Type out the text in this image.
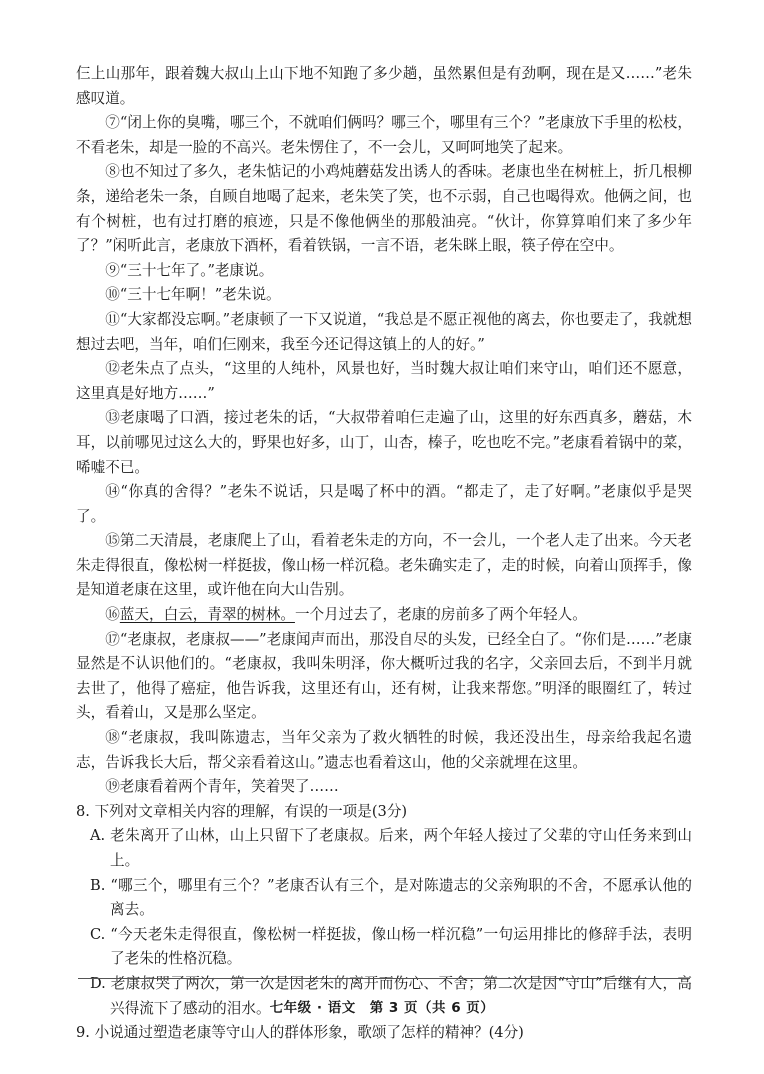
仨上山那年，跟着魏大叔山上山下地不知跑了多少趟，虽然累但是有劲啊，现在是又……”老朱感叹道。

⑦“闭上你的臭嘴，哪三个，不就咱们俩吗？哪三个，哪里有三个？”老康放下手里的松枝，不看老朱，却是一脸的不高兴。老朱愣住了，不一会儿，又呵呵地笑了起来。

⑧也不知过了多久，老朱惦记的小鸡炖蘑菇发出诱人的香味。老康也坐在树桩上，折几根柳条，递给老朱一条，自顾自地喝了起来，老朱笑了笑，也不示弱，自己也喝得欢。他俩之间，也有个树桩，也有过打磨的痕迹，只是不像他俩坐的那般油亮。“伙计，你算算咱们来了多少年了？”闲听此言，老康放下酒杯，看着铁锅，一言不语，老朱眯上眼，筷子停在空中。

⑨“三十七年了。”老康说。

⑩“三十七年啊！”老朱说。

⑪“大家都没忘啊。”老康顿了一下又说道，“我总是不愿正视他的离去，你也要走了，我就想想过去吧，当年，咱们仨刚来，我至今还记得这镇上的人的好。”

⑫老朱点了点头，“这里的人纯朴，风景也好，当时魏大叔让咱们来守山，咱们还不愿意，这里真是好地方……”

⑬老康喝了口酒，接过老朱的话，“大叔带着咱仨走遍了山，这里的好东西真多，蘑菇，木耳，以前哪见过这么大的，野果也好多，山丁，山杏，榛子，吃也吃不完。”老康看着锅中的菜，唏嘘不已。

⑭“你真的舍得？”老朱不说话，只是喝了杯中的酒。“都走了，走了好啊。”老康似乎是哭了。

⑮第二天清晨，老康爬上了山，看着老朱走的方向，不一会儿，一个老人走了出来。今天老朱走得很直，像松树一样挺拔，像山杨一样沉稳。老朱确实走了，走的时候，向着山顶挥手，像是知道老康在这里，或许他在向大山告别。

⑯蓝天，白云，青翠的树林。一个月过去了，老康的房前多了两个年轻人。

⑰“老康叔，老康叔——”老康闻声而出，那没自尽的头发，已经全白了。“你们是……”老康显然是不认识他们的。“老康叔，我叫朱明泽，你大概听过我的名字，父亲回去后，不到半月就去世了，他得了癌症，他告诉我，这里还有山，还有树，让我来帮您。”明泽的眼圈红了，转过头，看着山，又是那么坚定。

⑱“老康叔，我叫陈遗志，当年父亲为了救火牺牲的时候，我还没出生，母亲给我起名遗志，告诉我长大后，帮父亲看着这山。”遗志也看着这山，他的父亲就埋在这里。

⑲老康看着两个青年，笑着哭了……

8. 下列对文章相关内容的理解，有误的一项是(3分)

A. 老朱离开了山林，山上只留下了老康叔。后来，两个年轻人接过了父辈的守山任务来到山上。

B. “哪三个，哪里有三个？”老康否认有三个，是对陈遗志的父亲殉职的不舍，不愿承认他的离去。

C. “今天老朱走得很直，像松树一样挺拔，像山杨一样沉稳”一句运用排比的修辞手法，表明了老朱的性格沉稳。

D. 老康叔哭了两次，第一次是因老朱的离开而伤心、不舍；第二次是因“守山”后继有人，高兴得流下了感动的泪水。

9. 小说通过塑造老康等守山人的群体形象，歌颂了怎样的精神？(4分)

七年级 · 语文　第 3 页（共 6 页）
